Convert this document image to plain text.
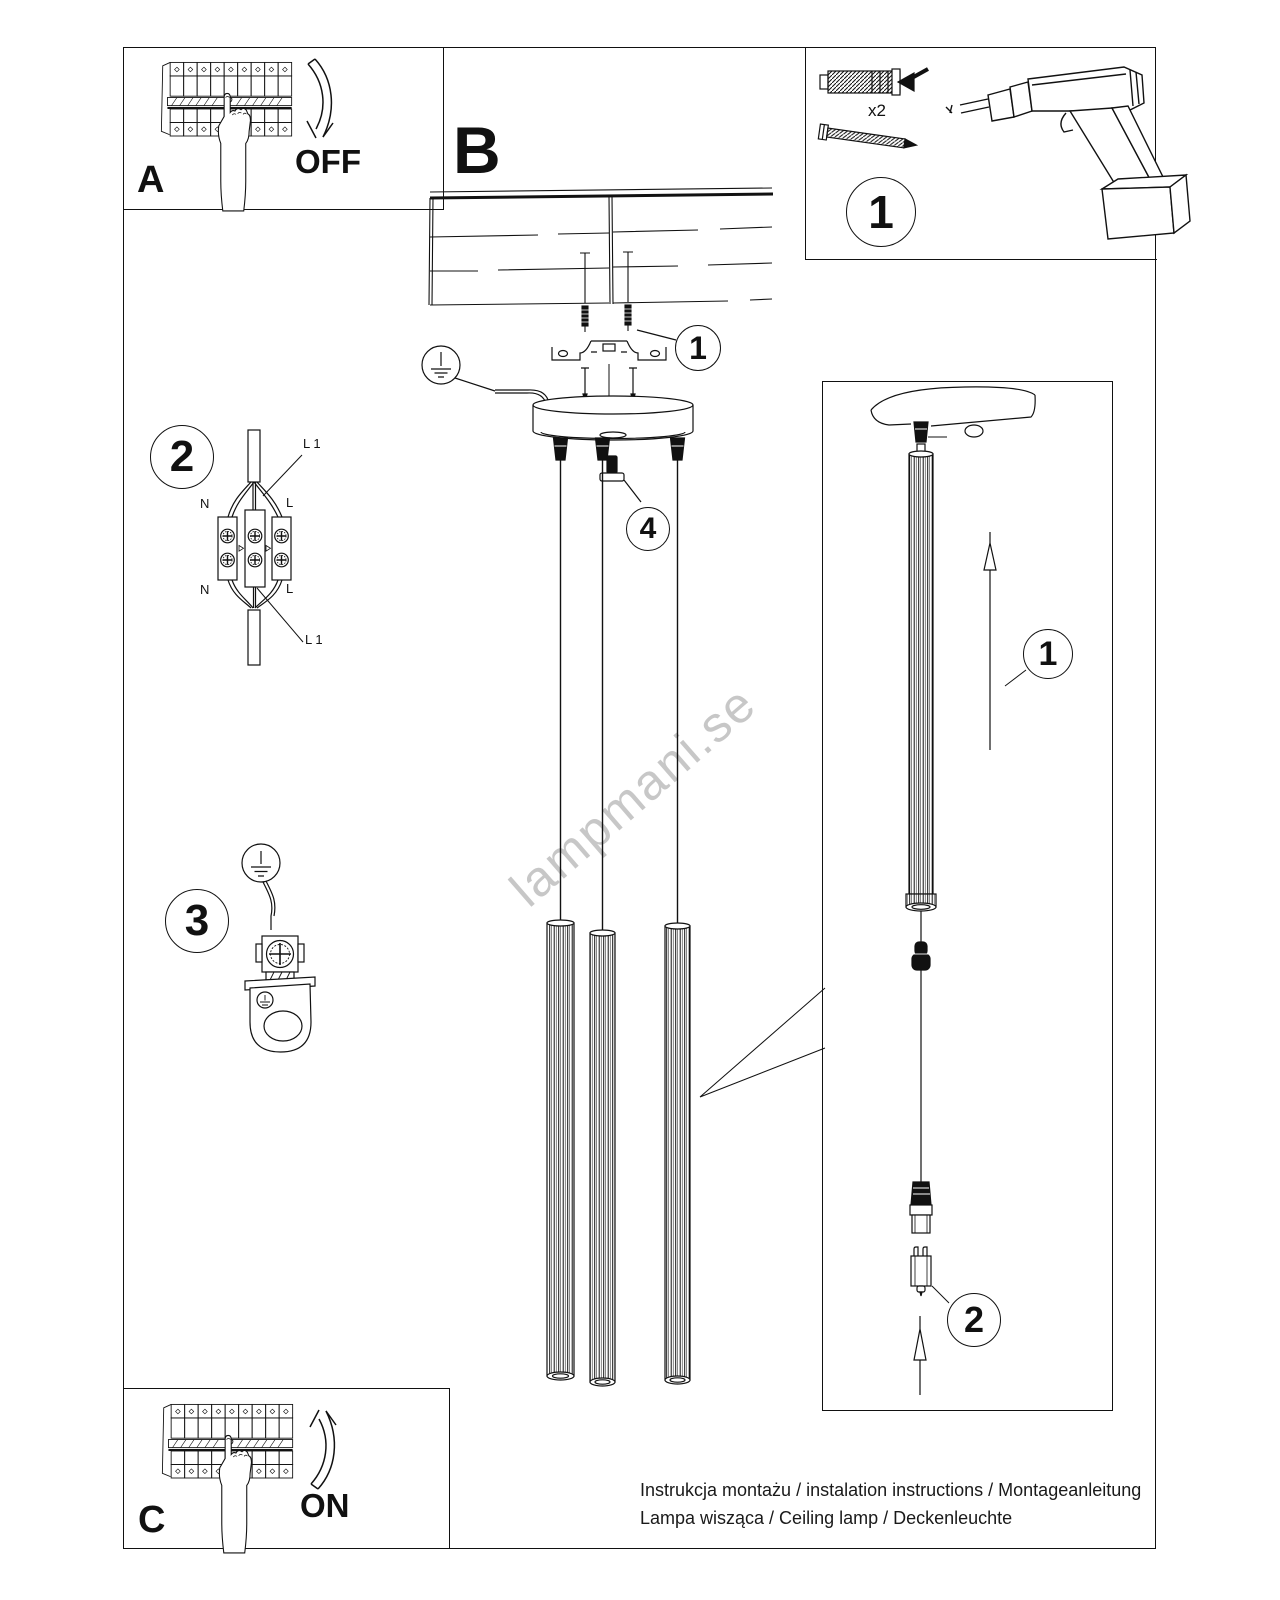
lampmani.se
A	OFF
x2
1
B
1
4
2	L 1
N	L
N	L
L 1
3
1
2
C	ON	Instrukcja montażu / instalation instructions / Montageanleitung
Lampa wisząca / Ceiling lamp / Deckenleuchte
